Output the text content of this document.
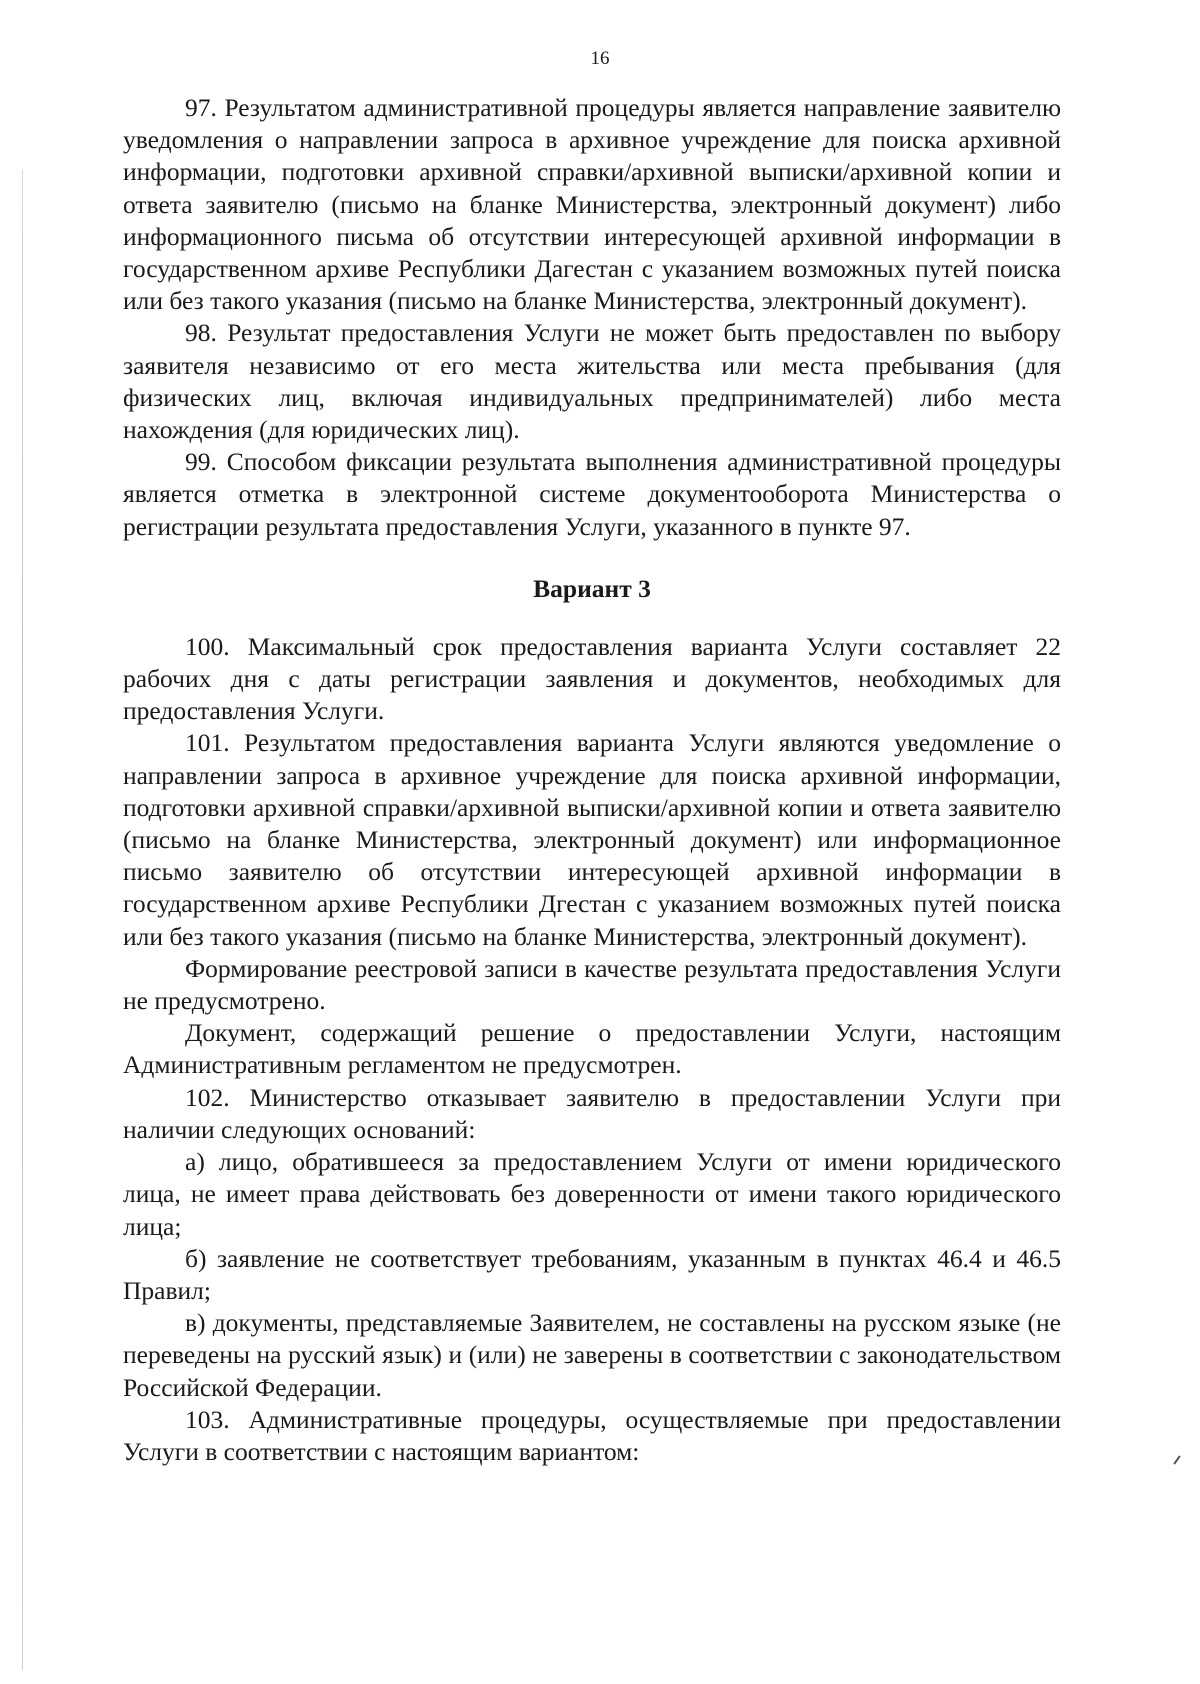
16

97. Результатом административной процедуры является направление заявителю уведомления о направлении запроса в архивное учреждение для поиска архивной информации, подготовки архивной справки/архивной выписки/архивной копии и ответа заявителю (письмо на бланке Министерства, электронный документ) либо информационного письма об отсутствии интересующей архивной информации в государственном архиве Республики Дагестан с указанием возможных путей поиска или без такого указания (письмо на бланке Министерства, электронный документ).

98. Результат предоставления Услуги не может быть предоставлен по выбору заявителя независимо от его места жительства или места пребывания (для физических лиц, включая индивидуальных предпринимателей) либо места нахождения (для юридических лиц).

99. Способом фиксации результата выполнения административной процедуры является отметка в электронной системе документооборота Министерства о регистрации результата предоставления Услуги, указанного в пункте 97.

Вариант 3

100. Максимальный срок предоставления варианта Услуги составляет 22 рабочих дня с даты регистрации заявления и документов, необходимых для предоставления Услуги.

101. Результатом предоставления варианта Услуги являются уведомление о направлении запроса в архивное учреждение для поиска архивной информации, подготовки архивной справки/архивной выписки/архивной копии и ответа заявителю (письмо на бланке Министерства, электронный документ) или информационное письмо заявителю об отсутствии интересующей архивной информации в государственном архиве Республики Дгестан с указанием возможных путей поиска или без такого указания (письмо на бланке Министерства, электронный документ).

Формирование реестровой записи в качестве результата предоставления Услуги не предусмотрено.

Документ, содержащий решение о предоставлении Услуги, настоящим Административным регламентом не предусмотрен.

102. Министерство отказывает заявителю в предоставлении Услуги при наличии следующих оснований:

а) лицо, обратившееся за предоставлением Услуги от имени юридического лица, не имеет права действовать без доверенности от имени такого юридического лица;

б) заявление не соответствует требованиям, указанным в пунктах 46.4 и 46.5 Правил;

в) документы, представляемые Заявителем, не составлены на русском языке (не переведены на русский язык) и (или) не заверены в соответствии с законодательством Российской Федерации.

103. Административные процедуры, осуществляемые при предоставлении Услуги в соответствии с настоящим вариантом:
